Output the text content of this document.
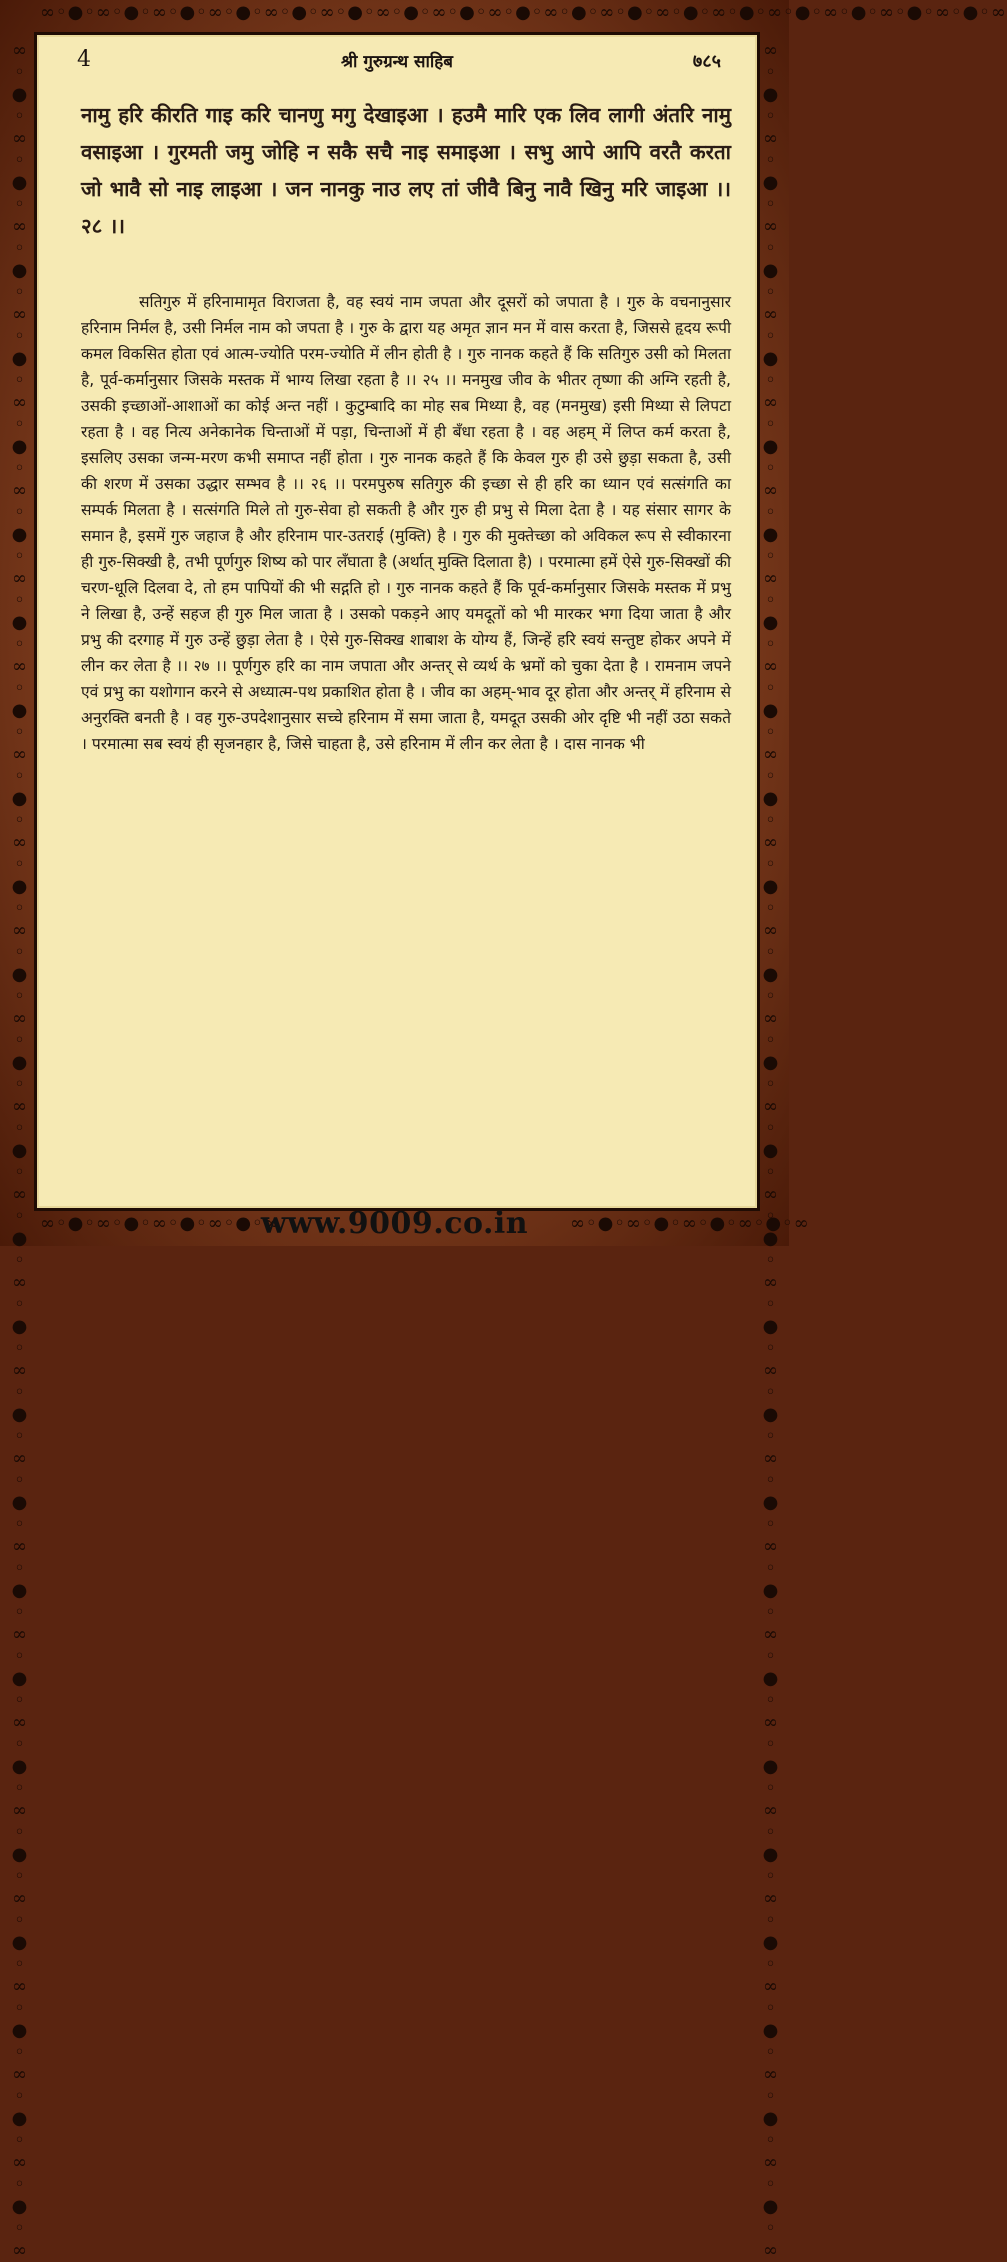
∞◦●◦∞◦●◦∞◦●◦∞◦●◦∞◦●◦∞◦●◦∞◦●◦∞◦●◦∞◦●◦∞◦●◦∞◦●◦∞◦●◦∞◦●◦∞◦●◦∞◦●◦∞◦●◦∞◦●◦∞
∞◦●◦∞◦●◦∞◦●◦∞◦●◦∞◦●◦∞◦●◦∞◦●◦∞◦●◦∞◦●◦∞◦●◦∞◦●◦∞◦●◦∞◦●◦∞◦●◦∞◦●◦∞◦●◦∞◦●◦∞◦●◦∞◦●◦∞◦●◦∞◦●◦∞◦●◦∞◦●◦∞◦●◦∞◦●◦∞	∞◦●◦∞◦●◦∞◦●◦∞◦●◦∞◦●◦∞◦●◦∞◦●◦∞◦●◦∞◦●◦∞◦●◦∞◦●◦∞◦●◦∞◦●◦∞◦●◦∞◦●◦∞◦●◦∞◦●◦∞◦●◦∞◦●◦∞◦●◦∞◦●◦∞◦●◦∞◦●◦∞◦●◦∞◦●◦∞
∞◦●◦∞◦●◦∞◦●◦∞◦●◦∞	∞◦●◦∞◦●◦∞◦●◦∞◦●◦∞
4	श्री गुरुग्रन्थ साहिब	७८५
नामु हरि कीरति गाइ करि चानणु मगु देखाइआ । हउमै मारि एक लिव लागी अंतरि नामु वसाइआ । गुरमती जमु जोहि न सकै सचै नाइ समाइआ । सभु आपे आपि वरतै करता जो भावै सो नाइ लाइआ । जन नानकु नाउ लए तां जीवै बिनु नावै खिनु मरि जाइआ ।। २८ ।।
सतिगुरु में हरिनामामृत विराजता है, वह स्वयं नाम जपता और दूसरों को जपाता है । गुरु के वचनानुसार हरिनाम निर्मल है, उसी निर्मल नाम को जपता है । गुरु के द्वारा यह अमृत ज्ञान मन में वास करता है, जिससे हृदय रूपी कमल विकसित होता एवं आत्म-ज्योति परम-ज्योति में लीन होती है । गुरु नानक कहते हैं कि सतिगुरु उसी को मिलता है, पूर्व-कर्मानुसार जिसके मस्तक में भाग्य लिखा रहता है ।। २५ ।। मनमुख जीव के भीतर तृष्णा की अग्नि रहती है, उसकी इच्छाओं-आशाओं का कोई अन्त नहीं । कुटुम्बादि का मोह सब मिथ्या है, वह (मनमुख) इसी मिथ्या से लिपटा रहता है । वह नित्य अनेकानेक चिन्ताओं में पड़ा, चिन्ताओं में ही बँधा रहता है । वह अहम् में लिप्त कर्म करता है, इसलिए उसका जन्म-मरण कभी समाप्त नहीं होता । गुरु नानक कहते हैं कि केवल गुरु ही उसे छुड़ा सकता है, उसी की शरण में उसका उद्धार सम्भव है ।। २६ ।। परमपुरुष सतिगुरु की इच्छा से ही हरि का ध्यान एवं सत्संगति का सम्पर्क मिलता है । सत्संगति मिले तो गुरु-सेवा हो सकती है और गुरु ही प्रभु से मिला देता है । यह संसार सागर के समान है, इसमें गुरु जहाज है और हरिनाम पार-उतराई (मुक्ति) है । गुरु की मुक्तेच्छा को अविकल रूप से स्वीकारना ही गुरु-सिक्खी है, तभी पूर्णगुरु शिष्य को पार लँघाता है (अर्थात् मुक्ति दिलाता है) । परमात्मा हमें ऐसे गुरु-सिक्खों की चरण-धूलि दिलवा दे, तो हम पापियों की भी सद्गति हो । गुरु नानक कहते हैं कि पूर्व-कर्मानुसार जिसके मस्तक में प्रभु ने लिखा है, उन्हें सहज ही गुरु मिल जाता है । उसको पकड़ने आए यमदूतों को भी मारकर भगा दिया जाता है और प्रभु की दरगाह में गुरु उन्हें छुड़ा लेता है । ऐसे गुरु-सिक्ख शाबाश के योग्य हैं, जिन्हें हरि स्वयं सन्तुष्ट होकर अपने में लीन कर लेता है ।। २७ ।। पूर्णगुरु हरि का नाम जपाता और अन्तर् से व्यर्थ के भ्रमों को चुका देता है । रामनाम जपने एवं प्रभु का यशोगान करने से अध्यात्म-पथ प्रकाशित होता है । जीव का अहम्-भाव दूर होता और अन्तर् में हरिनाम से अनुरक्ति बनती है । वह गुरु-उपदेशानुसार सच्चे हरिनाम में समा जाता है, यमदूत उसकी ओर दृष्टि भी नहीं उठा सकते । परमात्मा सब स्वयं ही सृजनहार है, जिसे चाहता है, उसे हरिनाम में लीन कर लेता है । दास नानक भी
www.9009.co.in
